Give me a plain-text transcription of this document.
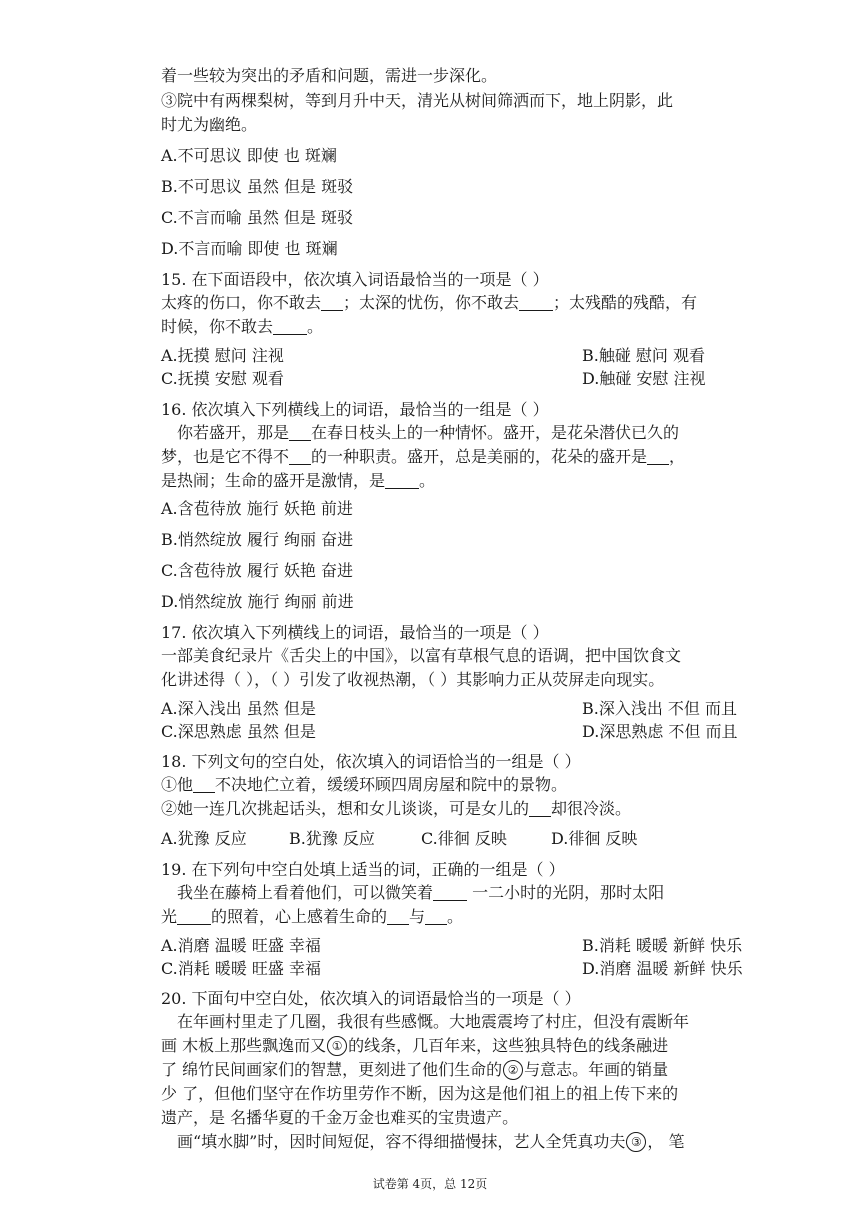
着一些较为突出的矛盾和问题，需进一步深化。
③院中有两棵梨树，等到月升中天，清光从树间筛洒而下，地上阴影，此
时尤为幽绝。
A.不可思议 即使 也 斑斓
B.不可思议 虽然 但是 斑驳
C.不言而喻 虽然 但是 斑驳
D.不言而喻 即使 也 斑斓
15. 在下面语段中，依次填入词语最恰当的一项是（ ）
太疼的伤口，你不敢去 ；太深的忧伤，你不敢去 ；太残酷的残酷，有
时候，你不敢去 。
A.抚摸 慰问 注视	B.触碰 慰问 观看
C.抚摸 安慰 观看	D.触碰 安慰 注视
16. 依次填入下列横线上的词语，最恰当的一组是（ ）
你若盛开，那是 在春日枝头上的一种情怀。盛开，是花朵潜伏已久的
梦，也是它不得不 的一种职责。盛开，总是美丽的，花朵的盛开是 ，
是热闹；生命的盛开是激情，是 。
A.含苞待放 施行 妖艳 前进
B.悄然绽放 履行 绚丽 奋进
C.含苞待放 履行 妖艳 奋进
D.悄然绽放 施行 绚丽 前进
17. 依次填入下列横线上的词语，最恰当的一项是（ ）
一部美食纪录片《舌尖上的中国》，以富有草根气息的语调，把中国饮食文
化讲述得（ ），（ ）引发了收视热潮，（ ）其影响力正从荧屏走向现实。
A.深入浅出 虽然 但是	B.深入浅出 不但 而且
C.深思熟虑 虽然 但是	D.深思熟虑 不但 而且
18. 下列文句的空白处，依次填入的词语恰当的一组是（ ）
①他 不决地伫立着，缓缓环顾四周房屋和院中的景物。
②她一连几次挑起话头，想和女儿谈谈，可是女儿的 却很冷淡。
A.犹豫 反应	B.犹豫 反应	C.徘徊 反映	D.徘徊 反映
19. 在下列句中空白处填上适当的词，正确的一组是（ ）
我坐在藤椅上看着他们，可以微笑着 一二小时的光阴，那时太阳
光 的照着，心上感着生命的 与 。
A.消磨 温暖 旺盛 幸福	B.消耗 暖暖 新鲜 快乐
C.消耗 暖暖 旺盛 幸福	D.消磨 温暖 新鲜 快乐
20. 下面句中空白处，依次填入的词语最恰当的一项是（ ）
在年画村里走了几圈，我很有些感慨。大地震震垮了村庄，但没有震断年
画 木板上那些飘逸而又 ① 的线条，几百年来，这些独具特色的线条融进
了 绵竹民间画家们的智慧，更刻进了他们生命的 ② 与意志。年画的销量
少 了，但他们坚守在作坊里劳作不断，因为这是他们祖上的祖上传下来的
遗产，是 名播华夏的千金万金也难买的宝贵遗产。
画“填水脚”时，因时间短促，容不得细描慢抹，艺人全凭真功夫 ③ ， 笔
试卷第 4页，总 12页
